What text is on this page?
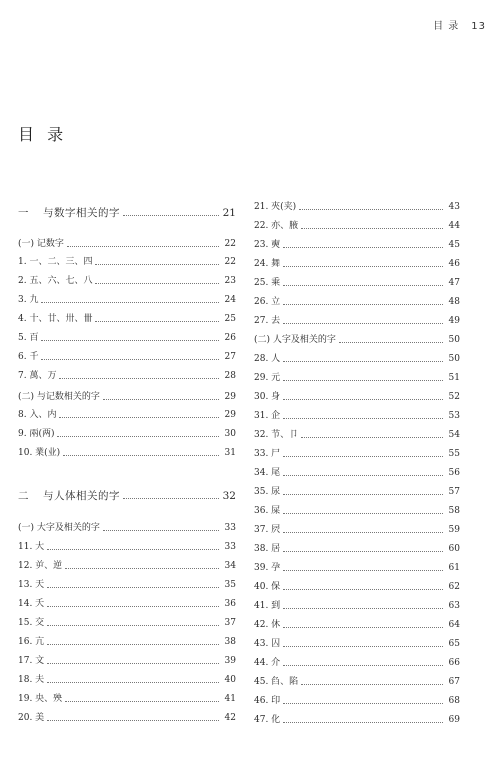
目 录 13
目 录
一 与数字相关的字	21
(一) 记数字	22
1. 一、二、三、四	22
2. 五、六、七、八	23
3. 九	24
4. 十、廿、卅、卌	25
5. 百	26
6. 千	27
7. 萬、万	28
(二) 与记数相关的字	29
8. 入、内	29
9. 兩(两)	30
10. 業(业)	31
二 与人体相关的字	32
(一) 大字及相关的字	33
11. 大	33
12. 屰、逆	34
13. 天	35
14. 夭	36
15. 交	37
16. 亢	38
17. 文	39
18. 夫	40
19. 央、殃	41
20. 美	42
21. 夾(夹)	43
22. 亦、腋	44
23. 奭	45
24. 舞	46
25. 乘	47
26. 立	48
27. 去	49
(二) 人字及相关的字	50
28. 人	50
29. 元	51
30. 身	52
31. 企	53
32. 节、卩	54
33. 尸	55
34. 尾	56
35. 尿	57
36. 屎	58
37. 屄	59
38. 居	60
39. 孕	61
40. 保	62
41. 到	63
42. 休	64
43. 囚	65
44. 介	66
45. 臽、陷	67
46. 印	68
47. 化	69
